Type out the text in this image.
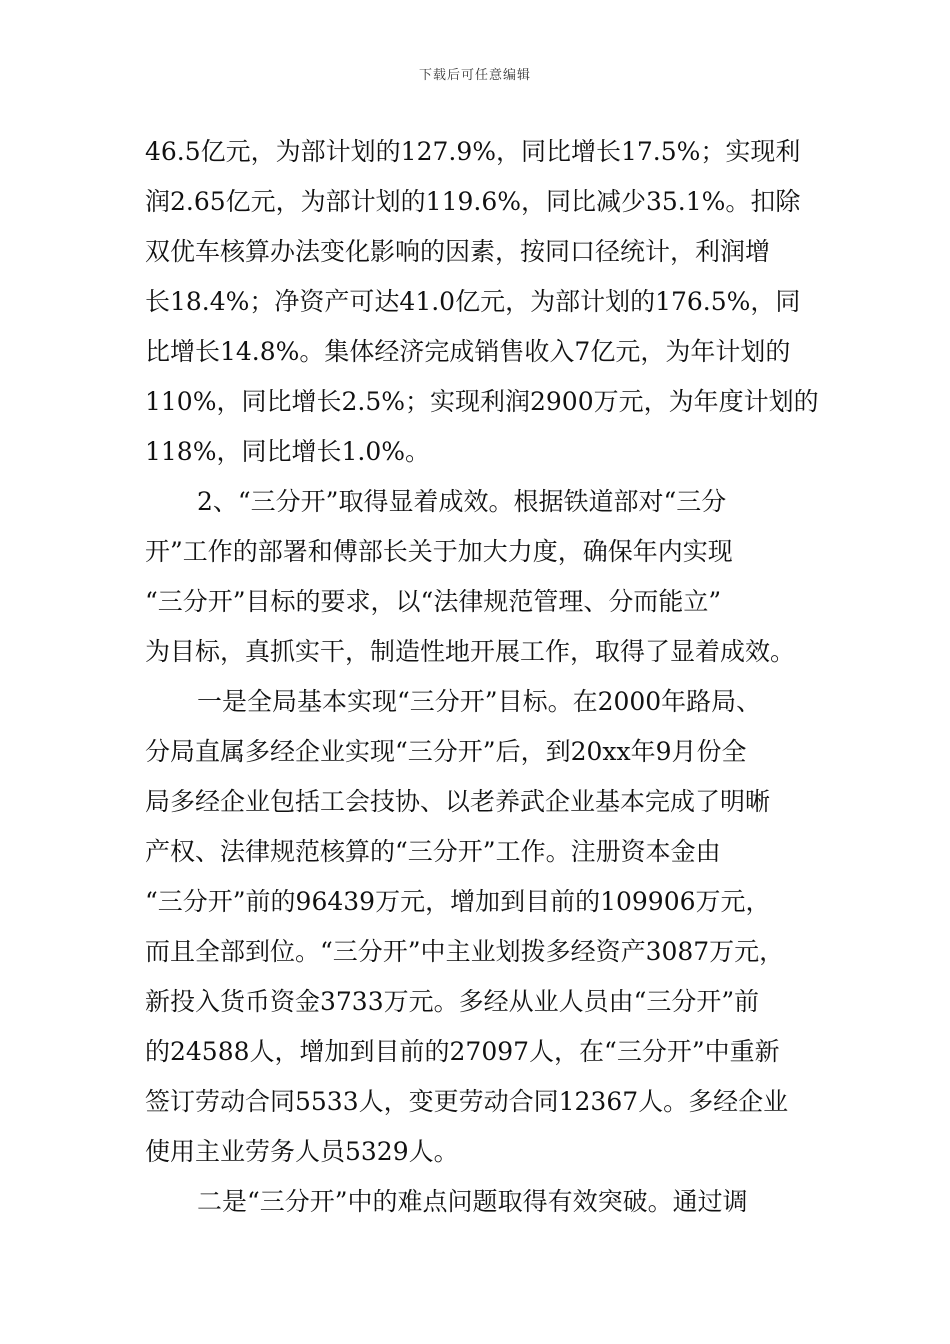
下载后可任意编辑
46.5亿元，为部计划的127.9%，同比增长17.5%；实现利
润2.65亿元，为部计划的119.6%，同比减少35.1%。扣除
双优车核算办法变化影响的因素，按同口径统计，利润增
长18.4%；净资产可达41.0亿元，为部计划的176.5%，同
比增长14.8%。集体经济完成销售收入7亿元，为年计划的
110%，同比增长2.5%；实现利润2900万元，为年度计划的
118%，同比增长1.0%。
2、“三分开”取得显着成效。根据铁道部对“三分
开”工作的部署和傅部长关于加大力度，确保年内实现
“三分开”目标的要求，以“法律规范管理、分而能立”
为目标，真抓实干，制造性地开展工作，取得了显着成效。
一是全局基本实现“三分开”目标。在2000年路局、
分局直属多经企业实现“三分开”后，到20xx年9月份全
局多经企业包括工会技协、以老养武企业基本完成了明晰
产权、法律规范核算的“三分开”工作。注册资本金由
“三分开”前的96439万元，增加到目前的109906万元，
而且全部到位。“三分开”中主业划拨多经资产3087万元，
新投入货币资金3733万元。多经从业人员由“三分开”前
的24588人，增加到目前的27097人，在“三分开”中重新
签订劳动合同5533人，变更劳动合同12367人。多经企业
使用主业劳务人员5329人。
二是“三分开”中的难点问题取得有效突破。通过调
